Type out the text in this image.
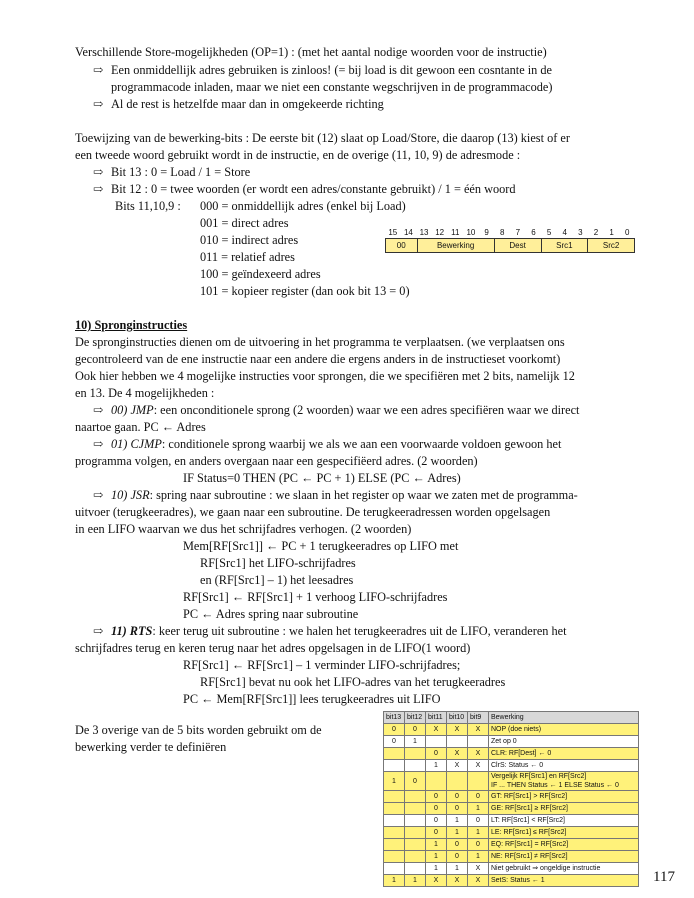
Verschillende Store-mogelijkheden (OP=1) : (met het aantal nodige woorden voor de instructie)
⇨ Een onmiddellijk adres gebruiken is zinloos! (= bij load is dit gewoon een cosntante in de
programmacode inladen, maar we niet een constante wegschrijven in de programmacode)
⇨ Al de rest is hetzelfde maar dan in omgekeerde richting
Toewijzing van de bewerking-bits : De eerste bit (12) slaat op Load/Store, die daarop (13) kiest of er
een tweede woord gebruikt wordt in de instructie, en de overige (11, 10, 9) de adresmode :
⇨ Bit 13 : 0 = Load / 1 = Store
⇨ Bit 12 : 0 = twee woorden (er wordt een adres/constante gebruikt) / 1 = één woord
Bits 11,10,9 : 000 = onmiddellijk adres (enkel bij Load)
001 = direct adres
010 = indirect adres
011 = relatief adres
100 = geïndexeerd adres
101 = kopieer register (dan ook bit 13 = 0)
15 14 13 12 11 10	9	8	7	6	5	4	3	2	1	0
00	Bewerking	Dest	Src1	Src2
10) Spronginstructies
De spronginstructies dienen om de uitvoering in het programma te verplaatsen. (we verplaatsen ons
gecontroleerd van de ene instructie naar een andere die ergens anders in de instructieset voorkomt)
Ook hier hebben we 4 mogelijke instructies voor sprongen, die we specifiëren met 2 bits, namelijk 12
en 13. De 4 mogelijkheden :
⇨ 00) JMP: een onconditionele sprong (2 woorden) waar we een adres specifiëren waar we direct
naartoe gaan. PC ← Adres
⇨ 01) CJMP: conditionele sprong waarbij we als we aan een voorwaarde voldoen gewoon het
programma volgen, en anders overgaan naar een gespecifiëerd adres. (2 woorden)
IF Status=0 THEN (PC ← PC + 1) ELSE (PC ← Adres)
⇨ 10) JSR: spring naar subroutine : we slaan in het register op waar we zaten met de programma-
uitvoer (terugkeeradres), we gaan naar een subroutine. De terugkeeradressen worden opgelsagen
in een LIFO waarvan we dus het schrijfadres verhogen. (2 woorden)
Mem[RF[Src1]] ← PC + 1 terugkeeradres op LIFO met
RF[Src1] het LIFO-schrijfadres
en (RF[Src1] – 1) het leesadres
RF[Src1] ← RF[Src1] + 1 verhoog LIFO-schrijfadres
PC ← Adres spring naar subroutine
⇨ 11) RTS: keer terug uit subroutine : we halen het terugkeeradres uit de LIFO, veranderen het
schrijfadres terug en keren terug naar het adres opgelsagen in de LIFO(1 woord)
RF[Src1] ← RF[Src1] – 1 verminder LIFO-schrijfadres;
RF[Src1] bevat nu ook het LIFO-adres van het terugkeeradres
PC ← Mem[RF[Src1]] lees terugkeeradres uit LIFO
De 3 overige van de 5 bits worden gebruikt om de
bewerking verder te definiëren
bit13	bit12	bit11	bit10	bit9	Bewerking
0	0	X	X	X	NOP (doe niets)
0	1				Zet op 0
		0	X	X	CLR: RF[Dest] ← 0
		1	X	X	ClrS: Status ← 0
1	0				Vergelijk RF[Src1] en RF[Src2]
IF ... THEN Status ← 1 ELSE Status ← 0
		0	0	0	GT: RF[Src1] > RF[Src2]
		0	0	1	GE: RF[Src1] ≥ RF[Src2]
		0	1	0	LT: RF[Src1] < RF[Src2]
		0	1	1	LE: RF[Src1] ≤ RF[Src2]
		1	0	0	EQ: RF[Src1] = RF[Src2]
		1	0	1	NE: RF[Src1] ≠ RF[Src2]
		1	1	X	Niet gebruikt ⇒ ongeldige instructie
1	1	X	X	X	SetS: Status ← 1	117
